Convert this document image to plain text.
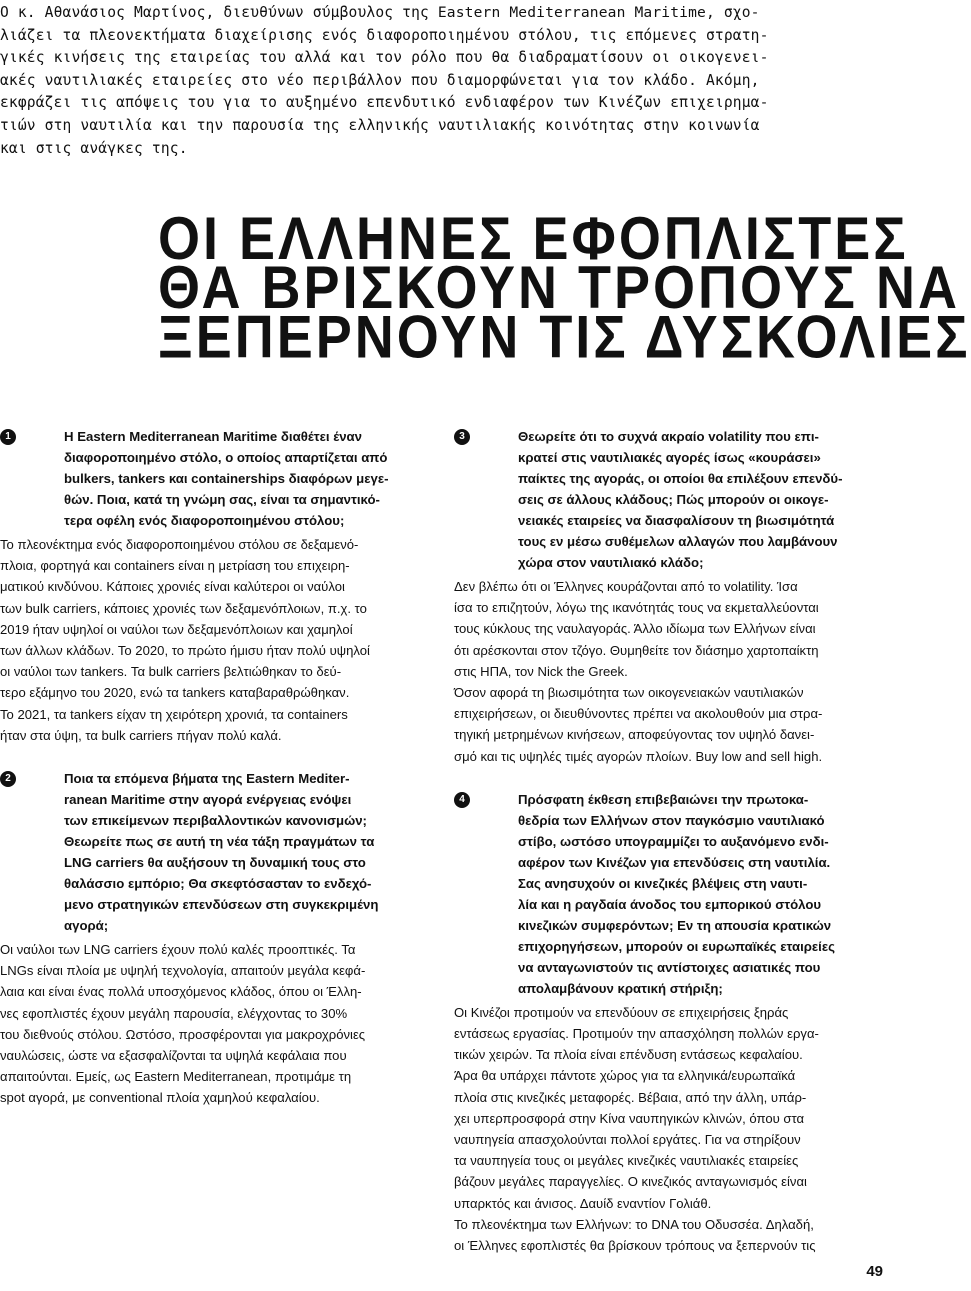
Ο κ. Αθανάσιος Μαρτίνος, διευθύνων σύμβουλος της Eastern Mediterranean Maritime, σχο-
λιάζει τα πλεονεκτήματα διαχείρισης ενός διαφοροποιημένου στόλου, τις επόμενες στρατη-
γικές κινήσεις της εταιρείας του αλλά και τον ρόλο που θα διαδραματίσουν οι οικογενει-
ακές ναυτιλιακές εταιρείες στο νέο περιβάλλον που διαμορφώνεται για τον κλάδο. Ακόμη,
εκφράζει τις απόψεις του για το αυξημένο επενδυτικό ενδιαφέρον των Κινέζων επιχειρημα-
τιών στη ναυτιλία και την παρουσία της ελληνικής ναυτιλιακής κοινότητας στην κοινωνία
και στις ανάγκες της.
ΟΙ ΕΛΛΗΝΕΣ ΕΦΟΠΛΙΣΤΕΣ
ΘΑ ΒΡΙΣΚΟΥΝ ΤΡΟΠΟΥΣ ΝΑ
ΞΕΠΕΡΝΟΥΝ ΤΙΣ ΔΥΣΚΟΛΙΕΣ
1	Η Eastern Mediterranean Maritime διαθέτει έναν
διαφοροποιημένο στόλο, ο οποίος απαρτίζεται από
bulkers, tankers και containerships διαφόρων μεγε-
θών. Ποια, κατά τη γνώμη σας, είναι τα σημαντικό-
τερα οφέλη ενός διαφοροποιημένου στόλου;
Το πλεονέκτημα ενός διαφοροποιημένου στόλου σε δεξαμενό-
πλοια, φορτηγά και containers είναι η μετρίαση του επιχειρη-
ματικού κινδύνου. Κάποιες χρονιές είναι καλύτεροι οι ναύλοι
των bulk carriers, κάποιες χρονιές των δεξαμενόπλοιων, π.χ. το
2019 ήταν υψηλοί οι ναύλοι των δεξαμενόπλοιων και χαμηλοί
των άλλων κλάδων. Το 2020, το πρώτο ήμισυ ήταν πολύ υψηλοί
οι ναύλοι των tankers. Τα bulk carriers βελτιώθηκαν το δεύ-
τερο εξάμηνο του 2020, ενώ τα tankers καταβαραθρώθηκαν.
Το 2021, τα tankers είχαν τη χειρότερη χρονιά, τα containers
ήταν στα ύψη, τα bulk carriers πήγαν πολύ καλά.
2	Ποια τα επόμενα βήματα της Eastern Mediter-
ranean Maritime στην αγορά ενέργειας ενόψει
των επικείμενων περιβαλλοντικών κανονισμών;
Θεωρείτε πως σε αυτή τη νέα τάξη πραγμάτων τα
LNG carriers θα αυξήσουν τη δυναμική τους στο
θαλάσσιο εμπόριο; Θα σκεφτόσασταν το ενδεχό-
μενο στρατηγικών επενδύσεων στη συγκεκριμένη
αγορά;
Οι ναύλοι των LNG carriers έχουν πολύ καλές προοπτικές. Τα
LNGs είναι πλοία με υψηλή τεχνολογία, απαιτούν μεγάλα κεφά-
λαια και είναι ένας πολλά υποσχόμενος κλάδος, όπου οι Έλλη-
νες εφοπλιστές έχουν μεγάλη παρουσία, ελέγχοντας το 30%
του διεθνούς στόλου. Ωστόσο, προσφέρονται για μακροχρόνιες
ναυλώσεις, ώστε να εξασφαλίζονται τα υψηλά κεφάλαια που
απαιτούνται. Εμείς, ως Eastern Mediterranean, προτιμάμε τη
spot αγορά, με conventional πλοία χαμηλού κεφαλαίου.
3	Θεωρείτε ότι το συχνά ακραίο volatility που επι-
κρατεί στις ναυτιλιακές αγορές ίσως «κουράσει»
παίκτες της αγοράς, οι οποίοι θα επιλέξουν επενδύ-
σεις σε άλλους κλάδους; Πώς μπορούν οι οικογε-
νειακές εταιρείες να διασφαλίσουν τη βιωσιμότητά
τους εν μέσω συθέμελων αλλαγών που λαμβάνουν
χώρα στον ναυτιλιακό κλάδο;
Δεν βλέπω ότι οι Έλληνες κουράζονται από το volatility. Ίσα
ίσα το επιζητούν, λόγω της ικανότητάς τους να εκμεταλλεύονται
τους κύκλους της ναυλαγοράς. Άλλο ιδίωμα των Ελλήνων είναι
ότι αρέσκονται στον τζόγο. Θυμηθείτε τον διάσημο χαρτοπαίκτη
στις ΗΠΑ, τον Nick the Greek.
Όσον αφορά τη βιωσιμότητα των οικογενειακών ναυτιλιακών
επιχειρήσεων, οι διευθύνοντες πρέπει να ακολουθούν μια στρα-
τηγική μετρημένων κινήσεων, αποφεύγοντας τον υψηλό δανει-
σμό και τις υψηλές τιμές αγορών πλοίων. Buy low and sell high.
4	Πρόσφατη έκθεση επιβεβαιώνει την πρωτοκα-
θεδρία των Ελλήνων στον παγκόσμιο ναυτιλιακό
στίβο, ωστόσο υπογραμμίζει το αυξανόμενο ενδι-
αφέρον των Κινέζων για επενδύσεις στη ναυτιλία.
Σας ανησυχούν οι κινεζικές βλέψεις στη ναυτι-
λία και η ραγδαία άνοδος του εμπορικού στόλου
κινεζικών συμφερόντων; Εν τη απουσία κρατικών
επιχορηγήσεων, μπορούν οι ευρωπαϊκές εταιρείες
να ανταγωνιστούν τις αντίστοιχες ασιατικές που
απολαμβάνουν κρατική στήριξη;
Οι Κινέζοι προτιμούν να επενδύουν σε επιχειρήσεις ξηράς
εντάσεως εργασίας. Προτιμούν την απασχόληση πολλών εργα-
τικών χειρών. Τα πλοία είναι επένδυση εντάσεως κεφαλαίου.
Άρα θα υπάρχει πάντοτε χώρος για τα ελληνικά/ευρωπαϊκά
πλοία στις κινεζικές μεταφορές. Βέβαια, από την άλλη, υπάρ-
χει υπερπροσφορά στην Κίνα ναυπηγικών κλινών, όπου στα
ναυπηγεία απασχολούνται πολλοί εργάτες. Για να στηρίξουν
τα ναυπηγεία τους οι μεγάλες κινεζικές ναυτιλιακές εταιρείες
βάζουν μεγάλες παραγγελίες. Ο κινεζικός ανταγωνισμός είναι
υπαρκτός και άνισος. Δαυίδ εναντίον Γολιάθ.
Το πλεονέκτημα των Ελλήνων: το DNA του Οδυσσέα. Δηλαδή,
οι Έλληνες εφοπλιστές θα βρίσκουν τρόπους να ξεπερνούν τις
49
